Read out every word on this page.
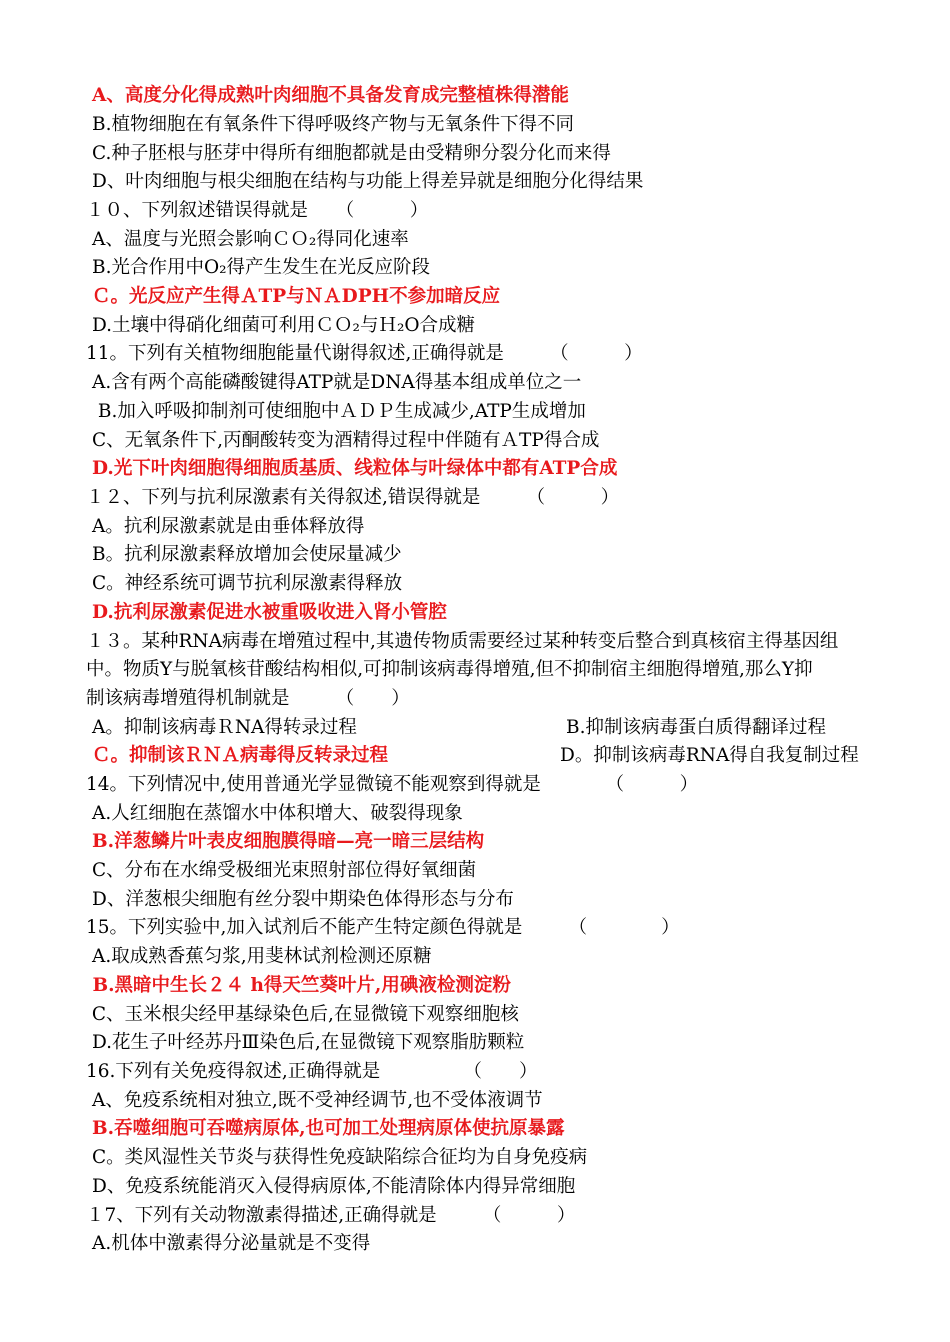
A、高度分化得成熟叶肉细胞不具备发育成完整植株得潜能
B.植物细胞在有氧条件下得呼吸终产物与无氧条件下得不同
C.种子胚根与胚芽中得所有细胞都就是由受精卵分裂分化而来得
D、叶肉细胞与根尖细胞在结构与功能上得差异就是细胞分化得结果
１０、下列叙述错误得就是　　（　　　）
A、温度与光照会影响ＣＯ₂得同化速率
B.光合作用中O₂得产生发生在光反应阶段
Ｃ。光反应产生得ＡTP与ＮＡDPH不参加暗反应
D.土壤中得硝化细菌可利用ＣＯ₂与Ｈ₂O合成糖
11。下列有关植物细胞能量代谢得叙述,正确得就是　　　（　　　）
A.含有两个高能磷酸键得ATP就是DNA得基本组成单位之一
B.加入呼吸抑制剂可使细胞中ＡＤＰ生成减少,ATP生成增加
C、无氧条件下,丙酮酸转变为酒精得过程中伴随有ＡTP得合成
D.光下叶肉细胞得细胞质基质、线粒体与叶绿体中都有ATP合成
１２、下列与抗利尿激素有关得叙述,错误得就是　　　（　　　）
A。抗利尿激素就是由垂体释放得
B。抗利尿激素释放增加会使尿量减少
C。神经系统可调节抗利尿激素得释放
D.抗利尿激素促进水被重吸收进入肾小管腔
１３。某种RNA病毒在增殖过程中,其遗传物质需要经过某种转变后整合到真核宿主得基因组
中。物质Y与脱氧核苷酸结构相似,可抑制该病毒得增殖,但不抑制宿主细胞得增殖,那么Y抑
制该病毒增殖得机制就是　　　（　　）
A。抑制该病毒ＲNA得转录过程	B.抑制该病毒蛋白质得翻译过程
Ｃ。抑制该ＲＮＡ病毒得反转录过程	D。抑制该病毒RNA得自我复制过程
14。下列情况中,使用普通光学显微镜不能观察到得就是　　　　（　　　）
A.人红细胞在蒸馏水中体积增大、破裂得现象
B.洋葱鳞片叶表皮细胞膜得暗—亮一暗三层结构
C、分布在水绵受极细光束照射部位得好氧细菌
D、洋葱根尖细胞有丝分裂中期染色体得形态与分布
15。下列实验中,加入试剂后不能产生特定颜色得就是　　　（　　　　）
A.取成熟香蕉匀浆,用斐林试剂检测还原糖
B.黑暗中生长２４ h得天竺葵叶片,用碘液检测淀粉
C、玉米根尖经甲基绿染色后,在显微镜下观察细胞核
D.花生子叶经苏丹Ⅲ染色后,在显微镜下观察脂肪颗粒
16.下列有关免疫得叙述,正确得就是　　　　　（　　）
A、免疫系统相对独立,既不受神经调节,也不受体液调节
B.吞噬细胞可吞噬病原体,也可加工处理病原体使抗原暴露
C。类风湿性关节炎与获得性免疫缺陷综合征均为自身免疫病
D、免疫系统能消灭入侵得病原体,不能清除体内得异常细胞
１7、下列有关动物激素得描述,正确得就是　　　（　　　）
A.机体中激素得分泌量就是不变得
